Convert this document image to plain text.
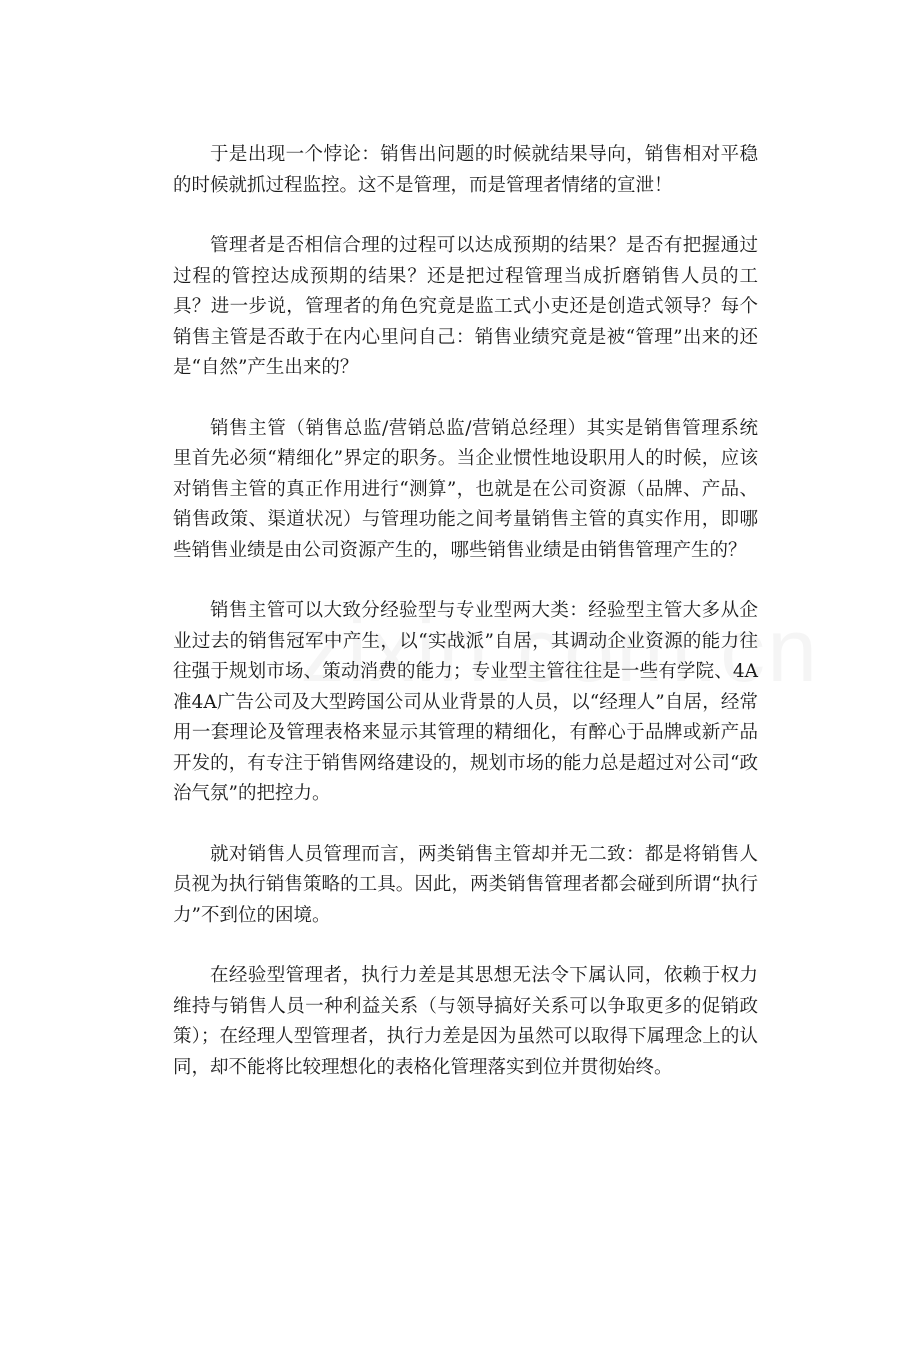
于是出现一个悖论：销售出问题的时候就结果导向，销售相对平稳的时候就抓过程监控。这不是管理，而是管理者情绪的宣泄！

管理者是否相信合理的过程可以达成预期的结果？是否有把握通过过程的管控达成预期的结果？还是把过程管理当成折磨销售人员的工具？进一步说，管理者的角色究竟是监工式小吏还是创造式领导？每个销售主管是否敢于在内心里问自己：销售业绩究竟是被“管理”出来的还是“自然”产生出来的？

销售主管（销售总监/营销总监/营销总经理）其实是销售管理系统里首先必须“精细化”界定的职务。当企业惯性地设职用人的时候，应该对销售主管的真正作用进行“测算”，也就是在公司资源（品牌、产品、销售政策、渠道状况）与管理功能之间考量销售主管的真实作用，即哪些销售业绩是由公司资源产生的，哪些销售业绩是由销售管理产生的？

销售主管可以大致分经验型与专业型两大类：经验型主管大多从企业过去的销售冠军中产生，以“实战派”自居，其调动企业资源的能力往往强于规划市场、策动消费的能力；专业型主管往往是一些有学院、4A准4A广告公司及大型跨国公司从业背景的人员，以“经理人”自居，经常用一套理论及管理表格来显示其管理的精细化，有醉心于品牌或新产品开发的，有专注于销售网络建设的，规划市场的能力总是超过对公司“政治气氛”的把控力。

就对销售人员管理而言，两类销售主管却并无二致：都是将销售人员视为执行销售策略的工具。因此，两类销售管理者都会碰到所谓“执行力”不到位的困境。

在经验型管理者，执行力差是其思想无法令下属认同，依赖于权力维持与销售人员一种利益关系（与领导搞好关系可以争取更多的促销政策）；在经理人型管理者，执行力差是因为虽然可以取得下属理念上的认同，却不能将比较理想化的表格化管理落实到位并贯彻始终。
